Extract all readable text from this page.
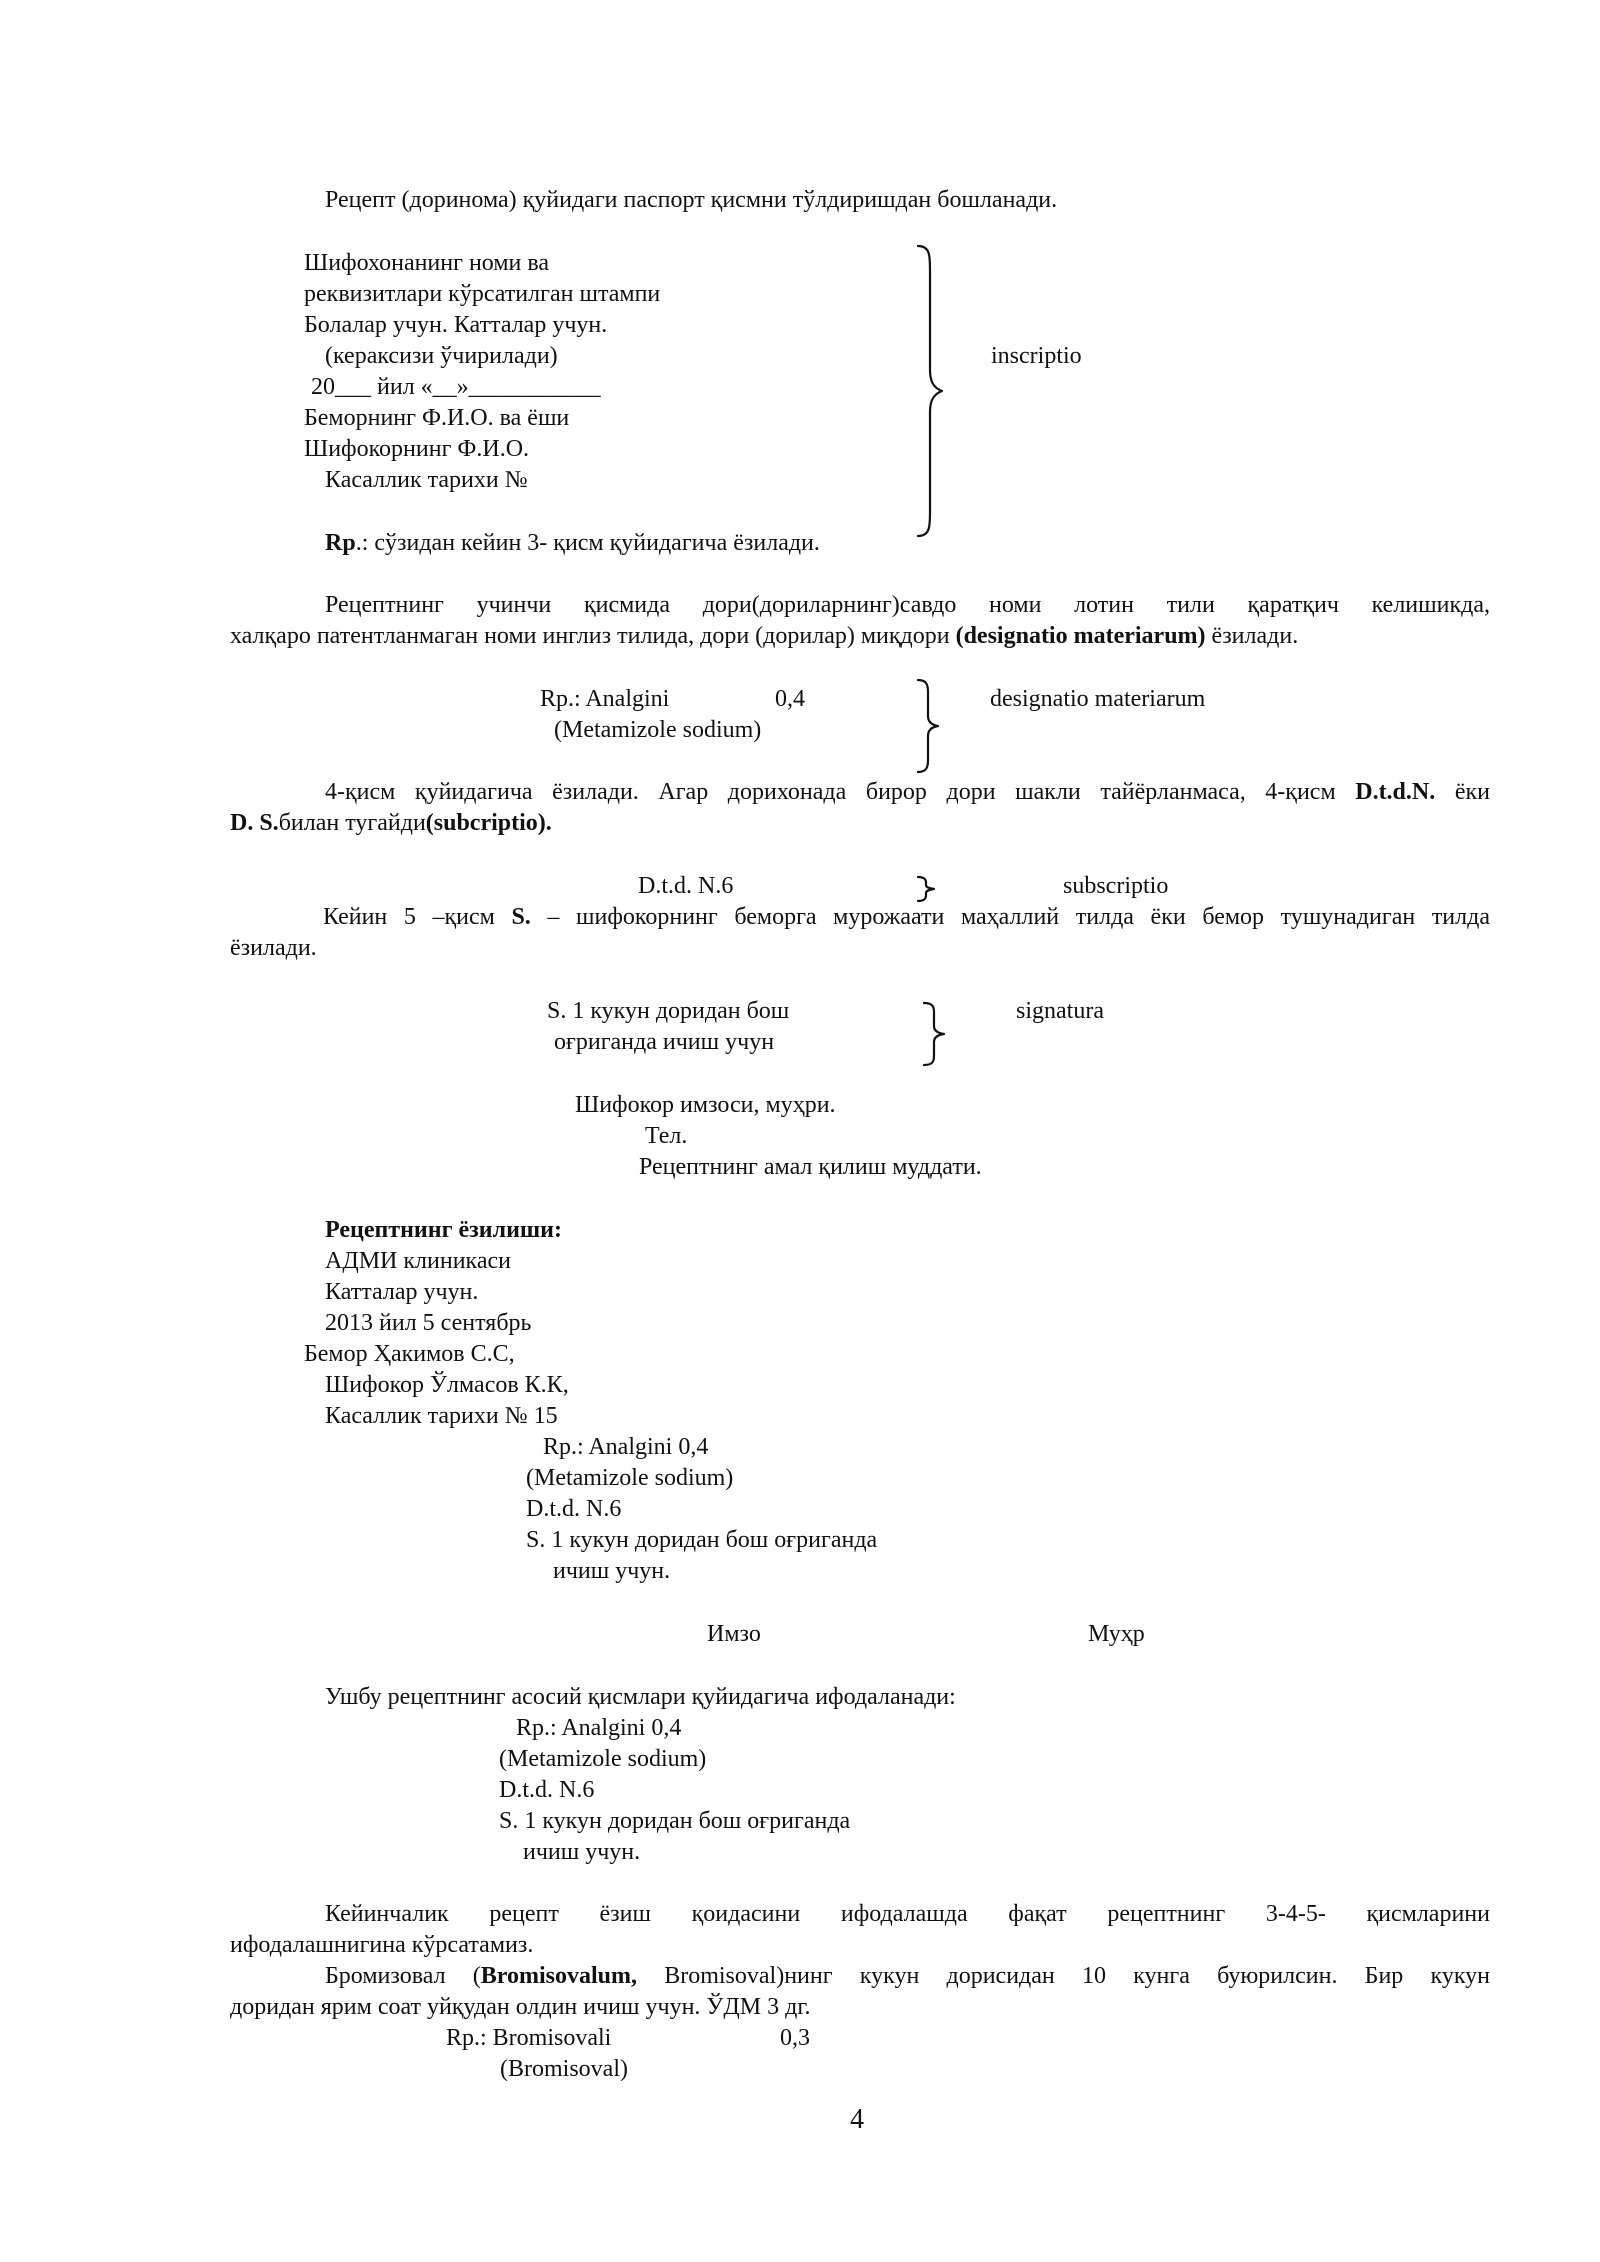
Рецепт (доринома) қуйидаги паспорт қисмни тўлдиришдан бошланади.
Шифохонанинг номи ва
реквизитлари кўрсатилган штампи
Болалар учун. Катталар учун.
(кераксизи ўчирилади)
20___ йил «__»___________
Беморнинг Ф.И.О. ва ёши
Шифокорнинг Ф.И.О.
Касаллик тарихи №
inscriptio
Rp.: сўзидан кейин 3- қисм қуйидагича ёзилади.
Рецептнинг учинчи қисмида дори(дориларнинг)савдо номи лотин тили қаратқич келишикда,
халқаро патентланмаган номи инглиз тилида, дори (дорилар) миқдори (designatio materiarum) ёзилади.
Rp.: Analgini	0,4
(Metamizole sodium)
designatio materiarum
4-қисм қуйидагича ёзилади. Агар дорихонада бирор дори шакли тайёрланмаса, 4-қисм D.t.d.N. ёки
D. S.билан тугайди(subcriptio).
D.t.d. N.6	subscriptio
Кейин 5 –қисм S. – шифокорнинг беморга мурожаати маҳаллий тилда ёки бемор тушунадиган тилда
ёзилади.
S. 1 кукун доридан бош
оғриганда ичиш учун
signatura
Шифокор имзоси, муҳри.
Тел.
Рецептнинг амал қилиш муддати.
Рецептнинг ёзилиши:
АДМИ клиникаси
Катталар учун.
2013 йил 5 сентябрь
Бемор Ҳакимов С.С,
Шифокор Ўлмасов К.К,
Касаллик тарихи № 15
Rp.: Analgini 0,4
(Metamizole sodium)
D.t.d. N.6
S. 1 кукун доридан бош оғриганда
ичиш учун.
Имзо	Муҳр
Ушбу рецептнинг асосий қисмлари қуйидагича ифодаланади:
Rp.: Analgini 0,4
(Metamizole sodium)
D.t.d. N.6
S. 1 кукун доридан бош оғриганда
ичиш учун.
Кейинчалик рецепт ёзиш қоидасини ифодалашда фақат рецептнинг 3-4-5- қисмларини
ифодалашнигина кўрсатамиз.
Бромизовал (Bromisovalum, Bromisoval)нинг кукун дорисидан 10 кунга буюрилсин. Бир кукун
доридан ярим соат уйқудан олдин ичиш учун. ЎДМ 3 дг.
Rp.: Bromisovali	0,3
(Bromisoval)
4
